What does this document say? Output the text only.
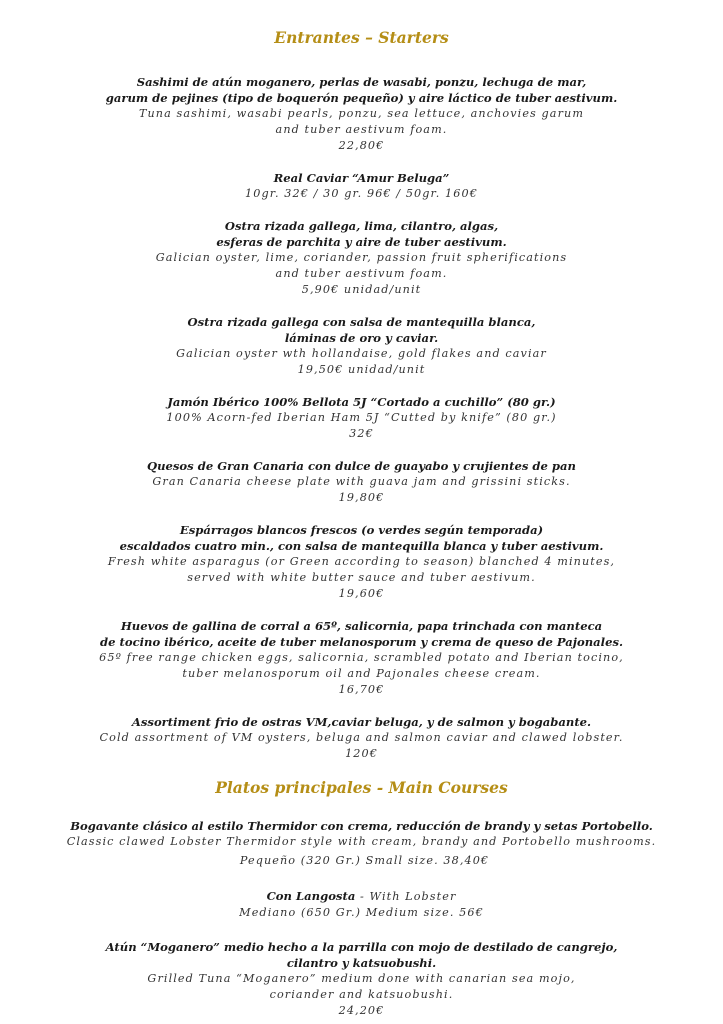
Entrantes – Starters
Sashimi de atún moganero, perlas de wasabi, ponzu, lechuga de mar,
garum de pejines (tipo de boquerón pequeño) y aire láctico de tuber aestivum.
Tuna sashimi, wasabi pearls, ponzu, sea lettuce, anchovies garum
and tuber aestivum foam.
22,80€
Real Caviar “Amur Beluga”
10gr. 32€ / 30 gr. 96€ / 50gr. 160€
Ostra rizada gallega, lima, cilantro, algas,
esferas de parchita y aire de tuber aestivum.
Galician oyster, lime, coriander, passion fruit spherifications
and tuber aestivum foam.
5,90€ unidad/unit
Ostra rizada gallega con salsa de mantequilla blanca,
láminas de oro y caviar.
Galician oyster wth hollandaise, gold flakes and caviar
19,50€ unidad/unit
Jamón Ibérico 100% Bellota 5J “Cortado a cuchillo” (80 gr.)
100% Acorn-fed Iberian Ham 5J “Cutted by knife” (80 gr.)
32€
Quesos de Gran Canaria con dulce de guayabo y crujientes de pan
Gran Canaria cheese plate with guava jam and grissini sticks.
19,80€
Espárragos blancos frescos (o verdes según temporada)
escaldados cuatro min., con salsa de mantequilla blanca y tuber aestivum.
Fresh white asparagus (or Green according to season) blanched 4 minutes,
served with white butter sauce and tuber aestivum.
19,60€
Huevos de gallina de corral a 65º, salicornia, papa trinchada con manteca
de tocino ibérico, aceite de tuber melanosporum y crema de queso de Pajonales.
65º free range chicken eggs, salicornia, scrambled potato and Iberian tocino,
tuber melanosporum oil and Pajonales cheese cream.
16,70€
Assortiment frio de ostras VM,caviar beluga, y de salmon y bogabante.
Cold assortment of VM oysters, beluga and salmon caviar and clawed lobster.
120€
Platos principales - Main Courses
Bogavante clásico al estilo Thermidor con crema, reducción de brandy y setas Portobello.
Classic clawed Lobster Thermidor style with cream, brandy and Portobello mushrooms.
Pequeño (320 Gr.) Small size. 38,40€
Con Langosta - With Lobster
Mediano (650 Gr.) Medium size. 56€
Atún “Moganero” medio hecho a la parrilla con mojo de destilado de cangrejo,
cilantro y katsuobushi.
Grilled Tuna “Moganero” medium done with canarian sea mojo,
coriander and katsuobushi.
24,20€
